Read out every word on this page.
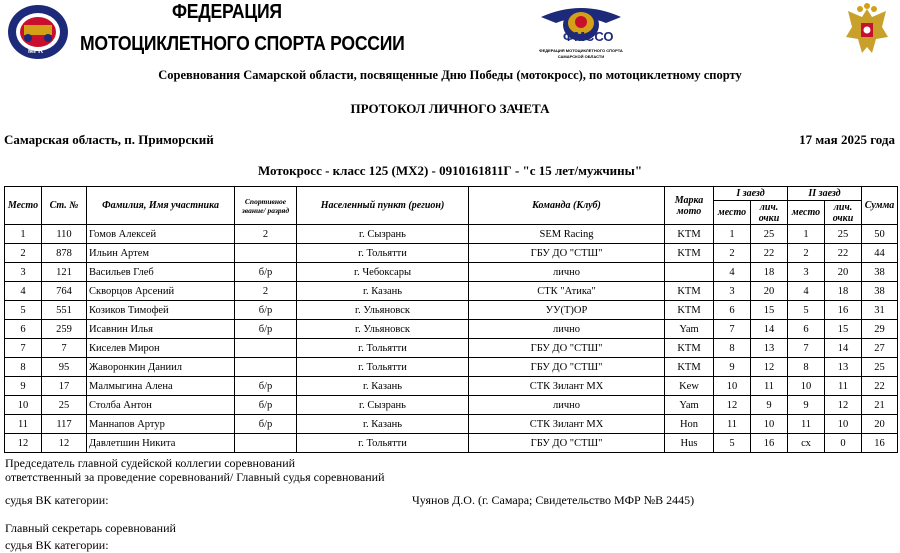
MFR
ФЕДЕРАЦИЯ
МОТОЦИКЛЕТНОГО СПОРТА РОССИИ	ФМССО
ФЕДЕРАЦИЯ МОТОЦИКЛЕТНОГО СПОРТА
САМАРСКОЙ ОБЛАСТИ
Соревнования Самарской области, посвященные Дню Победы (мотокросс), по мотоциклетному спорту
ПРОТОКОЛ ЛИЧНОГО ЗАЧЕТА
Самарская область, п. Приморский	17 мая 2025 года
Мотокросс - класс 125 (МХ2) - 0910161811Г - "с 15 лет/мужчины"
Место	Ст. №	Фамилия, Имя участника	Спортивное звание/ разряд	Населенный пункт (регион)	Команда (Клуб)	Марка мото	I заезд		II заезд		Сумма
							место	лич. очки	место	лич. очки	
1	110	Гомов Алексей	2	г. Сызрань	SEM Racing	KTM	1	25	1	25	50
2	878	Ильин Артем		г. Тольятти	ГБУ ДО "СТШ"	KTM	2	22	2	22	44
3	121	Васильев Глеб	б/р	г. Чебоксары	лично		4	18	3	20	38
4	764	Скворцов Арсений	2	г. Казань	СТК "Атика"	KTM	3	20	4	18	38
5	551	Козиков Тимофей	б/р	г. Ульяновск	УУ(Т)ОР	KTM	6	15	5	16	31
6	259	Исавнин Илья	б/р	г. Ульяновск	лично	Yam	7	14	6	15	29
7	7	Киселев Мирон		г. Тольятти	ГБУ ДО "СТШ"	KTM	8	13	7	14	27
8	95	Жаворонкин Даниил		г. Тольятти	ГБУ ДО "СТШ"	KTM	9	12	8	13	25
9	17	Малмыгина Алена	б/р	г. Казань	СТК Зилант МХ	Kew	10	11	10	11	22
10	25	Столба Антон	б/р	г. Сызрань	лично	Yam	12	9	9	12	21
11	117	Маннапов Артур	б/р	г. Казань	СТК Зилант МХ	Hon	11	10	11	10	20
12	12	Давлетшин Никита		г. Тольятти	ГБУ ДО "СТШ"	Hus	5	16	сх	0	16
Председатель главной судейской коллегии соревнований
ответственный за проведение соревнований/ Главный судья соревнований
судья ВК категории:	Чуянов Д.О. (г. Самара; Свидетельство МФР №В 2445)
Главный секретарь соревнований
судья ВК категории:
